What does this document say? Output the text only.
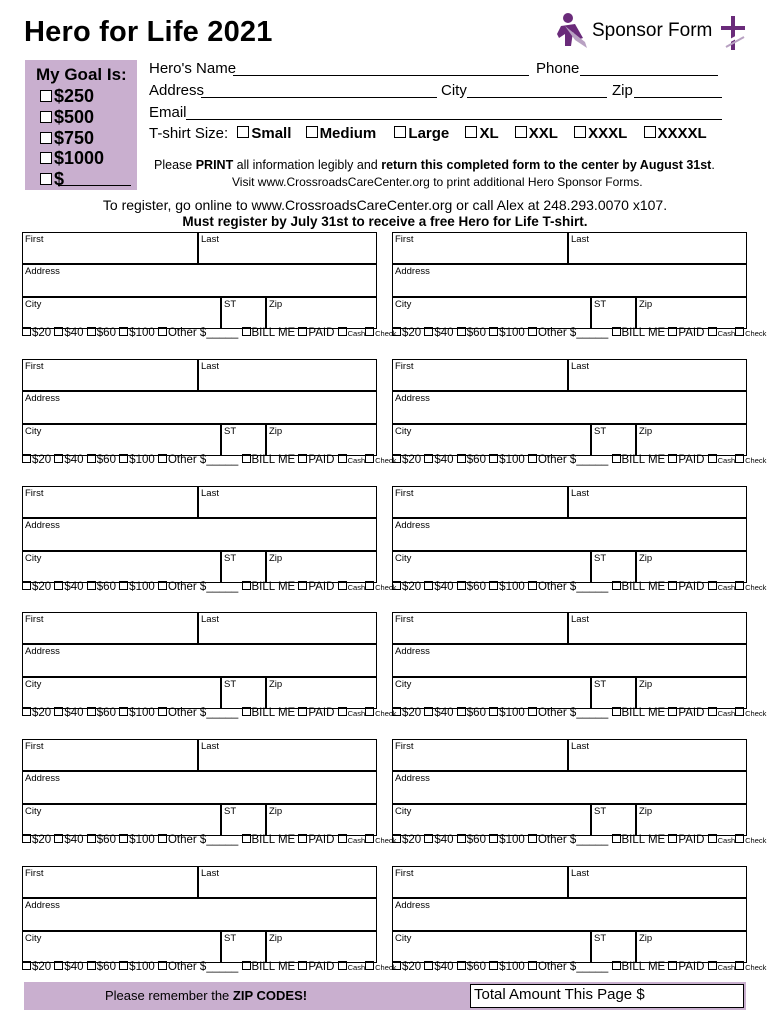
Hero for Life 2021	Sponsor Form
My Goal Is:
$250
$500
$750
$1000
$
Hero's Name	Phone
Address	City	Zip
Email
T-shirt Size: Small Medium Large XL XXL XXXL XXXXL
Please PRINT all information legibly and return this completed form to the center by August 31st.
Visit www.CrossroadsCareCenter.org to print additional Hero Sponsor Forms.
To register, go online to www.CrossroadsCareCenter.org or call Alex at 248.293.0070 x107.
Must register by July 31st to receive a free Hero for Life T-shirt.
First	Last
Address
City	ST	Zip
$20 $40 $60 $100 Other $_____ BILL ME PAID Cash Check
First	Last
Address
City	ST	Zip
$20 $40 $60 $100 Other $_____ BILL ME PAID Cash Check
First	Last
Address
City	ST	Zip
$20 $40 $60 $100 Other $_____ BILL ME PAID Cash Check
First	Last
Address
City	ST	Zip
$20 $40 $60 $100 Other $_____ BILL ME PAID Cash Check
First	Last
Address
City	ST	Zip
$20 $40 $60 $100 Other $_____ BILL ME PAID Cash Check
First	Last
Address
City	ST	Zip
$20 $40 $60 $100 Other $_____ BILL ME PAID Cash Check
First	Last
Address
City	ST	Zip
$20 $40 $60 $100 Other $_____ BILL ME PAID Cash Check
First	Last
Address
City	ST	Zip
$20 $40 $60 $100 Other $_____ BILL ME PAID Cash Check
First	Last
Address
City	ST	Zip
$20 $40 $60 $100 Other $_____ BILL ME PAID Cash Check
First	Last
Address
City	ST	Zip
$20 $40 $60 $100 Other $_____ BILL ME PAID Cash Check
First	Last
Address
City	ST	Zip
$20 $40 $60 $100 Other $_____ BILL ME PAID Cash Check
First	Last
Address
City	ST	Zip
$20 $40 $60 $100 Other $_____ BILL ME PAID Cash Check
Please remember the ZIP CODES!	Total Amount This Page $
